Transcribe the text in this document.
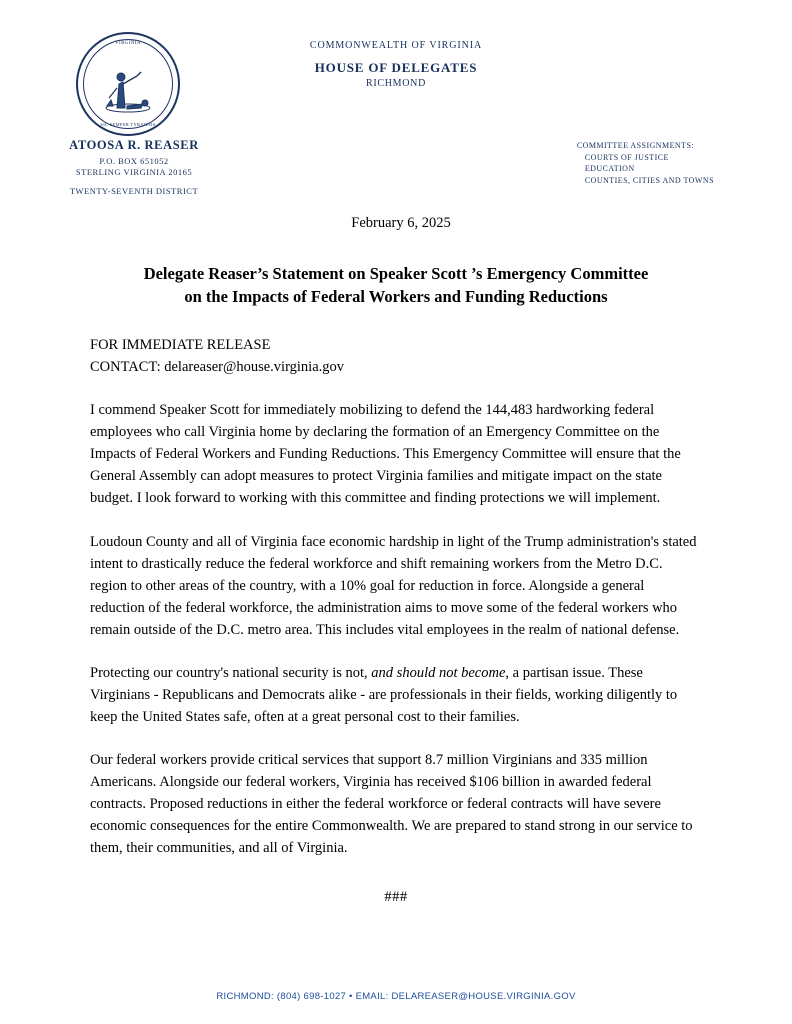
VIRGINIA
SIC SEMPER TYRANNIS
ATOOSA R. REASER
P.O. BOX 651052
STERLING VIRGINIA 20165
TWENTY-SEVENTH DISTRICT
COMMONWEALTH OF VIRGINIA
HOUSE OF DELEGATES
RICHMOND
COMMITTEE ASSIGNMENTS:
COURTS OF JUSTICE
EDUCATION
COUNTIES, CITIES AND TOWNS
February 6, 2025
Delegate Reaser’s Statement on Speaker Scott ’s Emergency Committee
on the Impacts of Federal Workers and Funding Reductions
FOR IMMEDIATE RELEASE
CONTACT: delareaser@house.virginia.gov

I commend Speaker Scott for immediately mobilizing to defend the 144,483 hardworking federal employees who call Virginia home by declaring the formation of an Emergency Committee on the Impacts of Federal Workers and Funding Reductions. This Emergency Committee will ensure that the General Assembly can adopt measures to protect Virginia families and mitigate impact on the state budget. I look forward to working with this committee and finding protections we will implement.

Loudoun County and all of Virginia face economic hardship in light of the Trump administration's stated intent to drastically reduce the federal workforce and shift remaining workers from the Metro D.C. region to other areas of the country, with a 10% goal for reduction in force. Alongside a general reduction of the federal workforce, the administration aims to move some of the federal workers who remain outside of the D.C. metro area. This includes vital employees in the realm of national defense.

Protecting our country's national security is not, and should not become, a partisan issue. These Virginians - Republicans and Democrats alike - are professionals in their fields, working diligently to keep the United States safe, often at a great personal cost to their families.

Our federal workers provide critical services that support 8.7 million Virginians and 335 million Americans. Alongside our federal workers, Virginia has received $106 billion in awarded federal contracts. Proposed reductions in either the federal workforce or federal contracts will have severe economic consequences for the entire Commonwealth. We are prepared to stand strong in our service to them, their communities, and all of Virginia.

###
RICHMOND: (804) 698-1027 • EMAIL: DELAREASER@HOUSE.VIRGINIA.GOV
